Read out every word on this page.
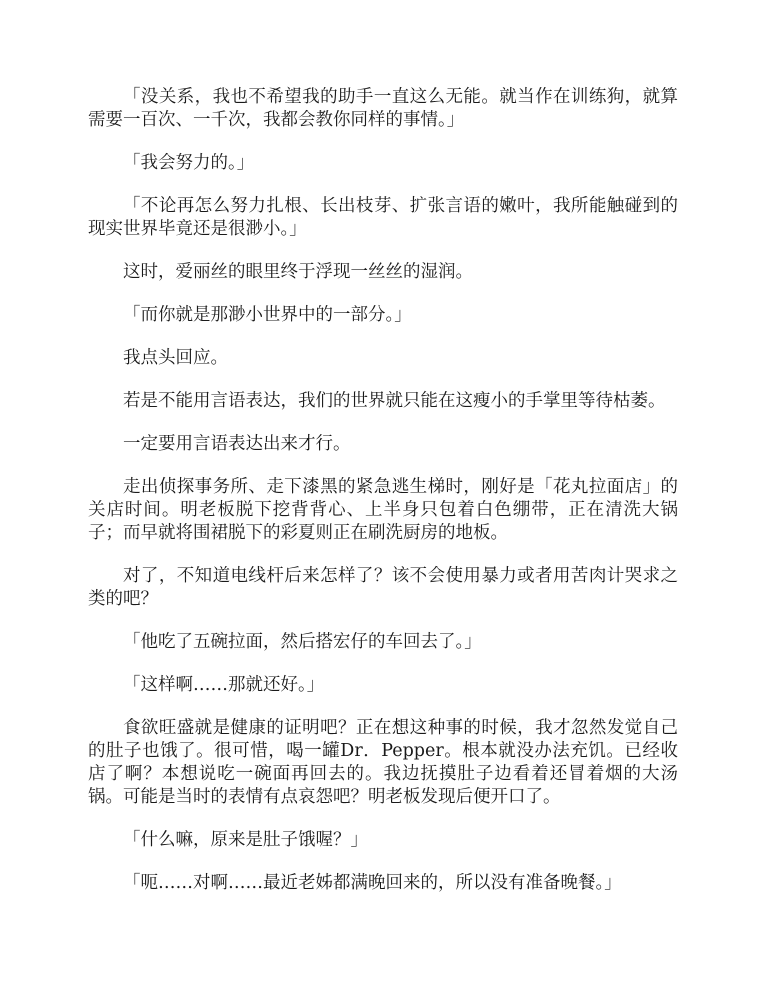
「没关系，我也不希望我的助手一直这么无能。就当作在训练狗，就算需要一百次、一千次，我都会教你同样的事情。」

「我会努力的。」

「不论再怎么努力扎根、长出枝芽、扩张言语的嫩叶，我所能触碰到的现实世界毕竟还是很渺小。」

这时，爱丽丝的眼里终于浮现一丝丝的湿润。

「而你就是那渺小世界中的一部分。」

我点头回应。

若是不能用言语表达，我们的世界就只能在这瘦小的手掌里等待枯萎。

一定要用言语表达出来才行。

走出侦探事务所、走下漆黑的紧急逃生梯时，刚好是「花丸拉面店」的关店时间。明老板脱下挖背背心、上半身只包着白色绷带，正在清洗大锅子；而早就将围裙脱下的彩夏则正在刷洗厨房的地板。

对了，不知道电线杆后来怎样了？该不会使用暴力或者用苦肉计哭求之类的吧？

「他吃了五碗拉面，然后搭宏仔的车回去了。」

「这样啊……那就还好。」

食欲旺盛就是健康的证明吧？正在想这种事的时候，我才忽然发觉自己的肚子也饿了。很可惜，喝一罐Dr．Pepper。根本就没办法充饥。已经收店了啊？本想说吃一碗面再回去的。我边抚摸肚子边看着还冒着烟的大汤锅。可能是当时的表情有点哀怨吧？明老板发现后便开口了。

「什么嘛，原来是肚子饿喔？」

「呃……对啊……最近老姊都满晚回来的，所以没有准备晚餐。」
